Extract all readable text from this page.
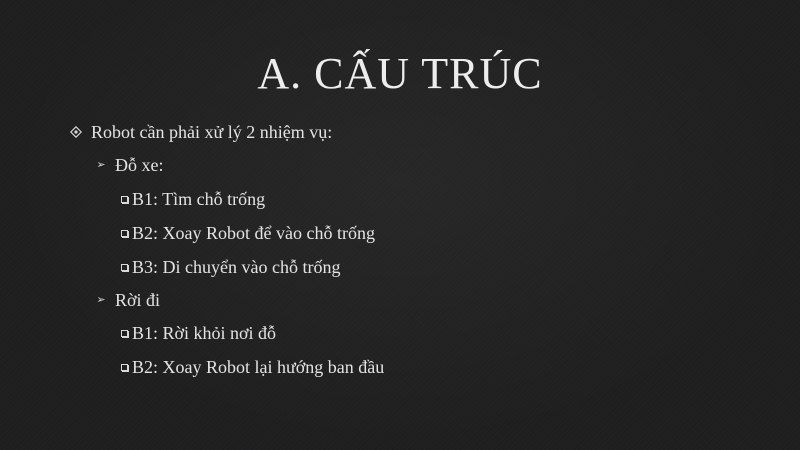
A. CẤU TRÚC
Robot cần phải xử lý 2 nhiệm vụ:
➢ Đỗ xe:
B1: Tìm chỗ trống
B2: Xoay Robot để vào chỗ trống
B3: Di chuyển vào chỗ trống
➢ Rời đi
B1: Rời khỏi nơi đỗ
B2: Xoay Robot lại hướng ban đầu
